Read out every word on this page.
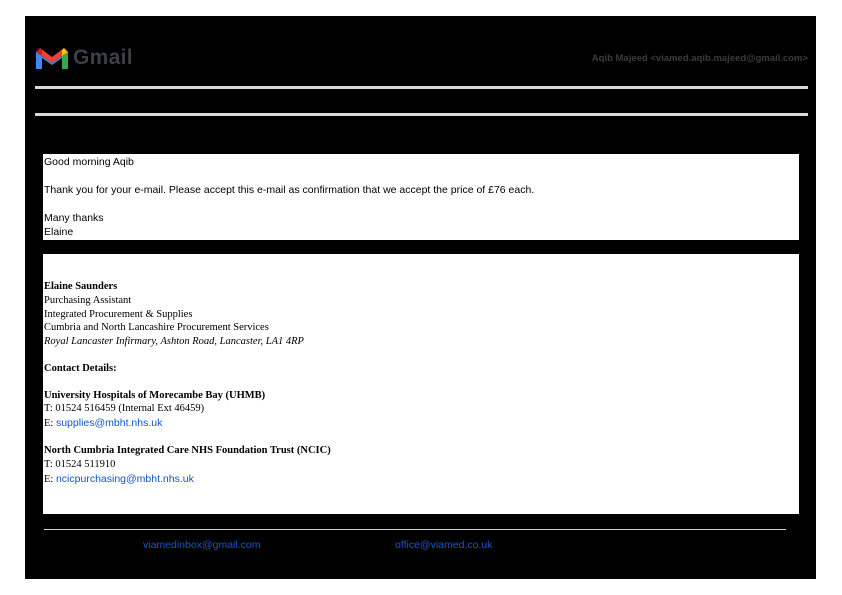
Gmail	Aqib Majeed <viamed.aqib.majeed@gmail.com>
Good morning Aqib
Thank you for your e-mail. Please accept this e-mail as confirmation that we accept the price of £76 each.
Many thanks
Elaine
Elaine Saunders
Purchasing Assistant
Integrated Procurement & Supplies
Cumbria and North Lancashire Procurement Services
Royal Lancaster Infirmary, Ashton Road, Lancaster, LA1 4RP
Contact Details:
University Hospitals of Morecambe Bay (UHMB)
T: 01524 516459 (Internal Ext 46459)
E: supplies@mbht.nhs.uk
North Cumbria Integrated Care NHS Foundation Trust (NCIC)
T: 01524 511910
E: ncicpurchasing@mbht.nhs.uk
viamedinbox@gmail.com	office@viamed.co.uk
